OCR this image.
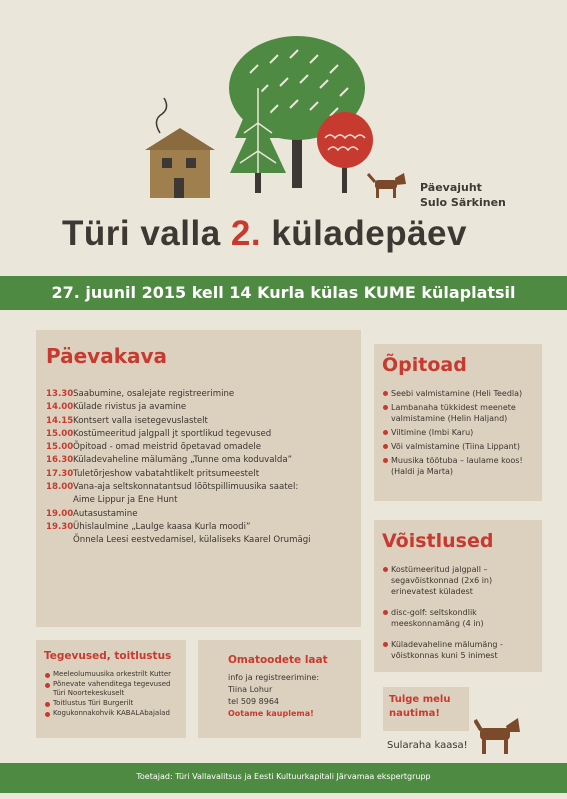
Päevajuht
Sulo Särkinen
Türi valla 2. küladepäev
27. juunil 2015 kell 14 Kurla külas KUME külaplatsil
Päevakava
13.30 Saabumine, osalejate registreerimine
14.00 Külade rivistus ja avamine
14.15 Kontsert valla isetegevuslastelt
15.00 Kostümeeritud jalgpall jt sportlikud tegevused
15.00 Õpitoad - omad meistrid õpetavad omadele
16.30 Küladevaheline mälumäng „Tunne oma koduvalda”
17.30 Tuletõrjeshow vabatahtlikelt pritsumeestelt
18.00 Vana-aja seltskonnatantsud lõõtspillimuusika saatel:
Aime Lippur ja Ene Hunt
19.00 Autasustamine
19.30 Ühislaulmine „Laulge kaasa Kurla moodi”
Õnnela Leesi eestvedamisel, külaliseks Kaarel Orumägi
Õpitoad
Seebi valmistamine (Heli Teedla)
Lambanaha tükkidest meenete valmistamine (Helin Haljand)
Viltimine (Imbi Karu)
Või valmistamine (Tiina Lippant)
Muusika töötuba – laulame koos! (Haldi ja Marta)
Võistlused
Kostümeeritud jalgpall – segavõistkonnad (2x6 in) erinevatest küladest
disc-golf: seltskondlik meeskonnamäng (4 in)
Küladevaheline mälumäng - võistkonnas kuni 5 inimest
Tegevused, toitlustus
Meeleolumuusika orkestrilt Kutter
Põnevate vahenditega tegevused Türi Noortekeskuselt
Toitlustus Türi Burgerilt
Kogukonnakohvik KABALAbajalad
Omatoodete laat
info ja registreerimine:
Tiina Lohur
tel 509 8964
Ootame kauplema!
Tulge melu
nautima!
Sularaha kaasa!
Toetajad: Türi Vallavalitsus ja Eesti Kultuurkapitali Järvamaa ekspertgrupp
